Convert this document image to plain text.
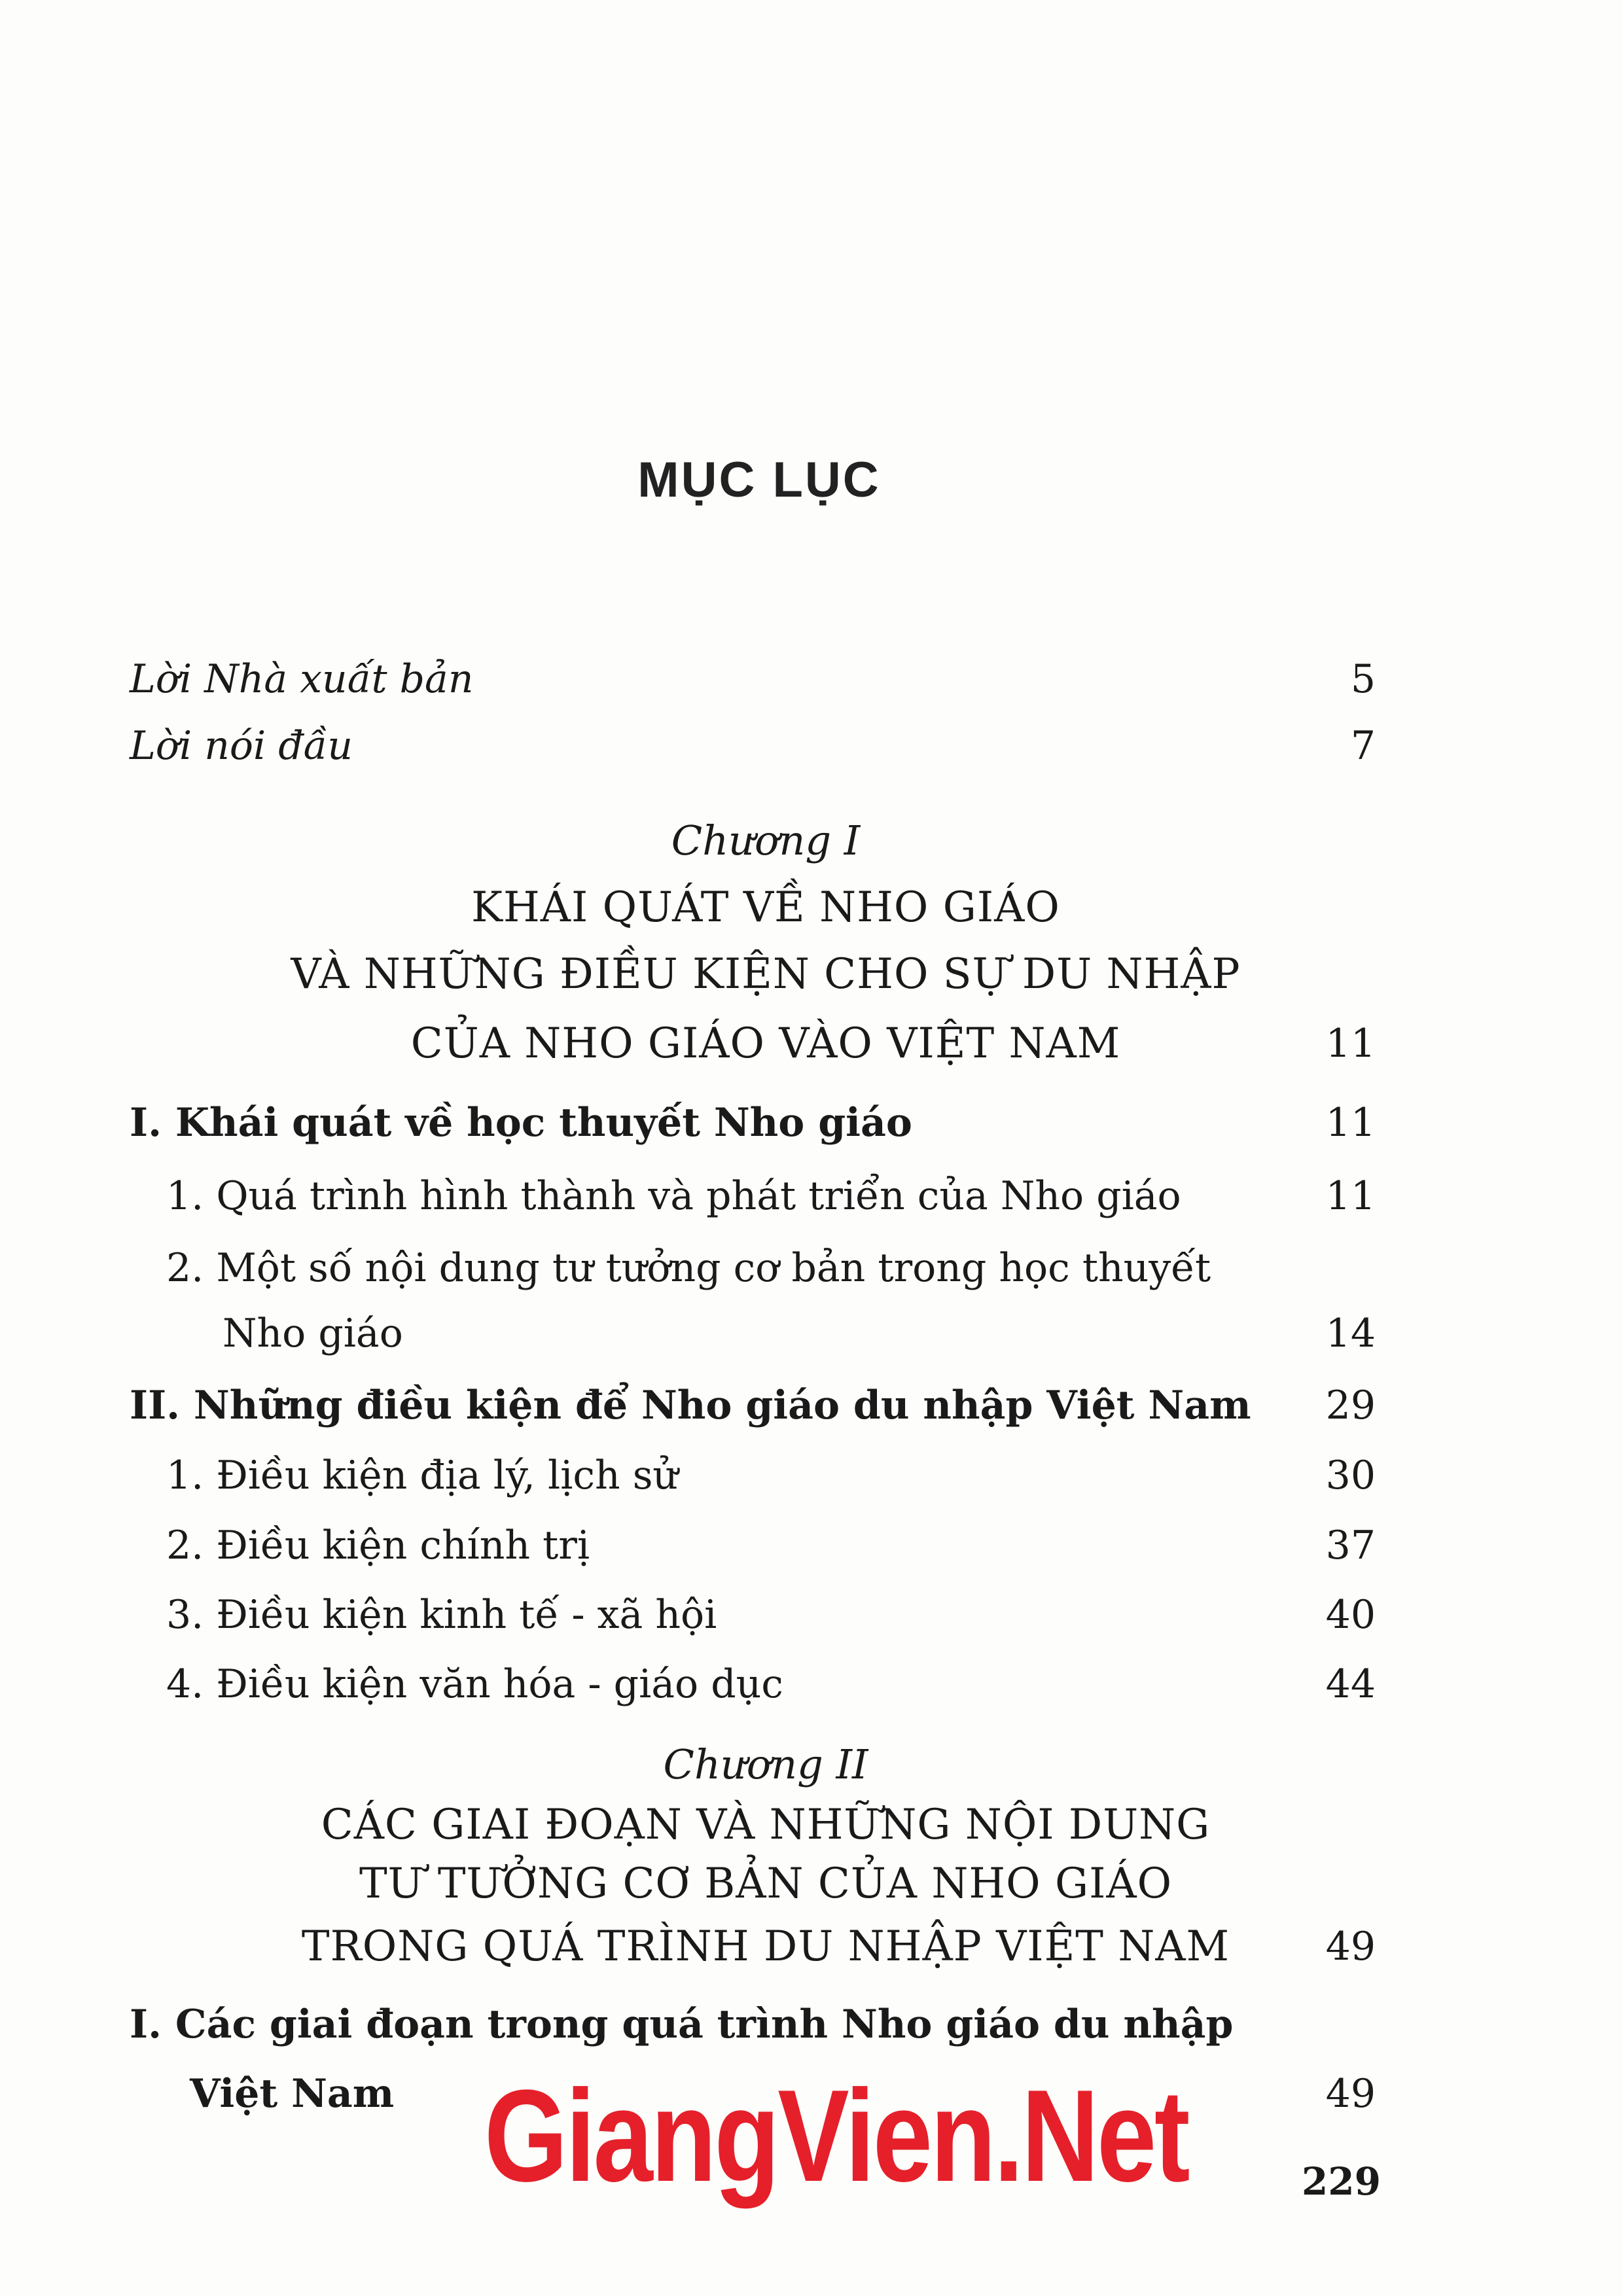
MỤC LỤC
Lời Nhà xuất bản	5
Lời nói đầu	7
Chương I
KHÁI QUÁT VỀ NHO GIÁO
VÀ NHỮNG ĐIỀU KIỆN CHO SỰ DU NHẬP
CỦA NHO GIÁO VÀO VIỆT NAM	11
I. Khái quát về học thuyết Nho giáo	11
1. Quá trình hình thành và phát triển của Nho giáo	11
2. Một số nội dung tư tưởng cơ bản trong học thuyết
Nho giáo	14
II. Những điều kiện để Nho giáo du nhập Việt Nam 29
1. Điều kiện địa lý, lịch sử	30
2. Điều kiện chính trị	37
3. Điều kiện kinh tế - xã hội	40
4. Điều kiện văn hóa - giáo dục	44
Chương II
CÁC GIAI ĐOẠN VÀ NHỮNG NỘI DUNG
TƯ TƯỞNG CƠ BẢN CỦA NHO GIÁO
TRONG QUÁ TRÌNH DU NHẬP VIỆT NAM	49
I. Các giai đoạn trong quá trình Nho giáo du nhập
Việt Nam	49
GiangVien.Net	229
